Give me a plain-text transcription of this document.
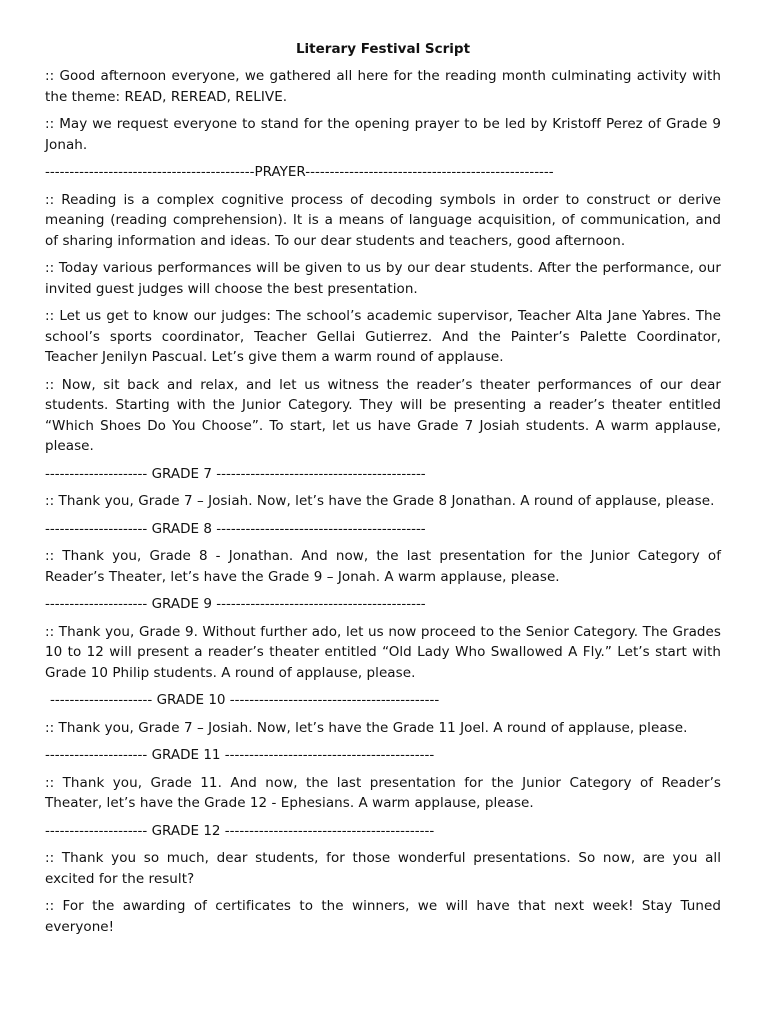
Literary Festival Script

:: Good afternoon everyone, we gathered all here for the reading month culminating activity with the theme: READ, REREAD, RELIVE.

:: May we request everyone to stand for the opening prayer to be led by Kristoff Perez of Grade 9 Jonah.

-------------------------------------------PRAYER---------------------------------------------------

:: Reading is a complex cognitive process of decoding symbols in order to construct or derive meaning (reading comprehension). It is a means of language acquisition, of communication, and of sharing information and ideas. To our dear students and teachers, good afternoon.

:: Today various performances will be given to us by our dear students. After the performance, our invited guest judges will choose the best presentation.

:: Let us get to know our judges: The school’s academic supervisor, Teacher Alta Jane Yabres. The school’s sports coordinator, Teacher Gellai Gutierrez. And the Painter’s Palette Coordinator, Teacher Jenilyn Pascual. Let’s give them a warm round of applause.

:: Now, sit back and relax, and let us witness the reader’s theater performances of our dear students. Starting with the Junior Category. They will be presenting a reader’s theater entitled “Which Shoes Do You Choose”. To start, let us have Grade 7 Josiah students. A warm applause, please.

--------------------- GRADE 7 -------------------------------------------

:: Thank you, Grade 7 – Josiah. Now, let’s have the Grade 8 Jonathan. A round of applause, please.

--------------------- GRADE 8 -------------------------------------------

:: Thank you, Grade 8 - Jonathan. And now, the last presentation for the Junior Category of Reader’s Theater, let’s have the Grade 9 – Jonah. A warm applause, please.

--------------------- GRADE 9 -------------------------------------------

:: Thank you, Grade 9. Without further ado, let us now proceed to the Senior Category. The Grades 10 to 12 will present a reader’s theater entitled “Old Lady Who Swallowed A Fly.” Let’s start with Grade 10 Philip students. A round of applause, please.

--------------------- GRADE 10 -------------------------------------------

:: Thank you, Grade 7 – Josiah. Now, let’s have the Grade 11 Joel. A round of applause, please.

--------------------- GRADE 11 -------------------------------------------

:: Thank you, Grade 11. And now, the last presentation for the Junior Category of Reader’s Theater, let’s have the Grade 12 - Ephesians. A warm applause, please.

--------------------- GRADE 12 -------------------------------------------

:: Thank you so much, dear students, for those wonderful presentations. So now, are you all excited for the result?

:: For the awarding of certificates to the winners, we will have that next week! Stay Tuned everyone!
